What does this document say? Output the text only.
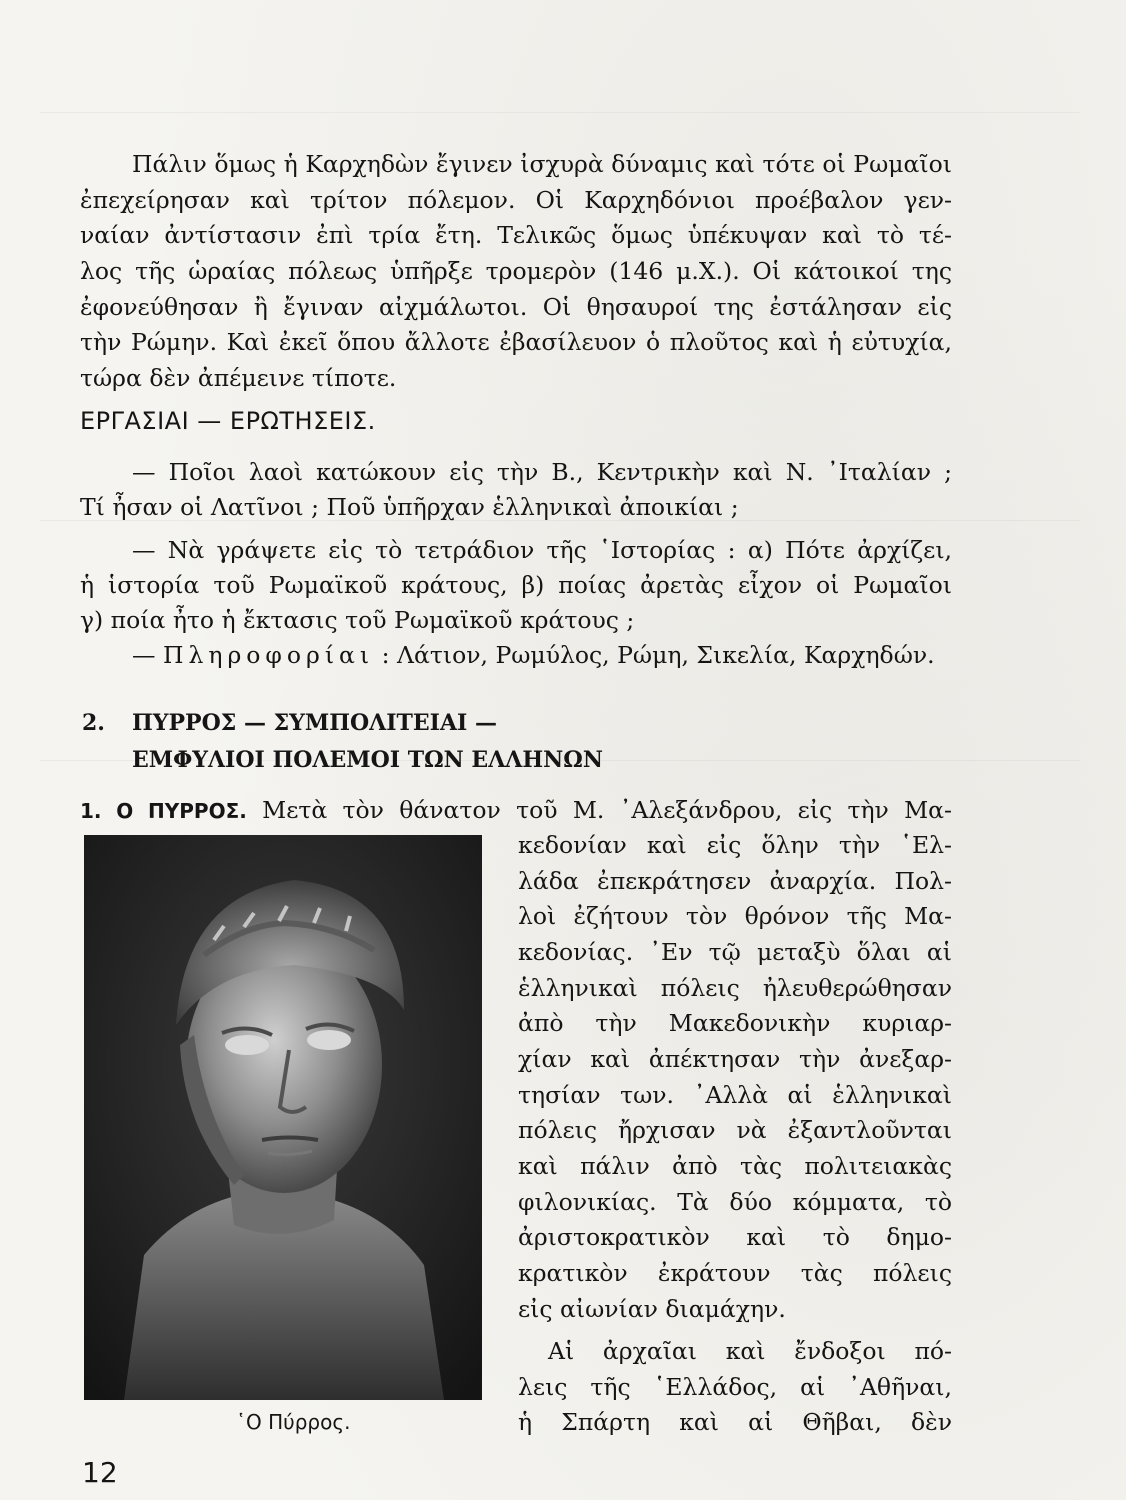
Πάλιν ὅμως ἡ Καρχηδὼν ἔγινεν ἰσχυρὰ δύναμις καὶ τότε οἱ Ρωμαῖοι
ἐπεχείρησαν καὶ τρίτον πόλεμον. Οἱ Καρχηδόνιοι προέβαλον γεν-
ναίαν ἀντίστασιν ἐπὶ τρία ἔτη. Τελικῶς ὅμως ὑπέκυψαν καὶ τὸ τέ-
λος τῆς ὡραίας πόλεως ὑπῆρξε τρομερὸν (146 μ.Χ.). Οἱ κάτοικοί της
ἐφονεύθησαν ἢ ἔγιναν αἰχμάλωτοι. Οἱ θησαυροί της ἐστάλησαν εἰς
τὴν Ρώμην. Καὶ ἐκεῖ ὅπου ἄλλοτε ἐβασίλευον ὁ πλοῦτος καὶ ἡ εὐτυχία,
τώρα δὲν ἀπέμεινε τίποτε.
ΕΡΓΑΣΙΑΙ — ΕΡΩΤΗΣΕΙΣ.
— Ποῖοι λαοὶ κατώκουν εἰς τὴν Β., Κεντρικὴν καὶ Ν. ᾿Ιταλίαν ;
Τί ἦσαν οἱ Λατῖνοι ; Ποῦ ὑπῆρχαν ἑλληνικαὶ ἀποικίαι ;
— Νὰ γράψετε εἰς τὸ τετράδιον τῆς ῾Ιστορίας : α) Πότε ἀρχίζει,
ἡ ἱστορία τοῦ Ρωμαϊκοῦ κράτους, β) ποίας ἀρετὰς εἶχον οἱ Ρωμαῖοι
γ) ποία ἦτο ἡ ἔκτασις τοῦ Ρωμαϊκοῦ κράτους ;
— Πληροφορίαι : Λάτιον, Ρωμύλος, Ρώμη, Σικελία, Καρχηδών.
2. ΠΥΡΡΟΣ — ΣΥΜΠΟΛΙΤΕΙΑΙ —
ΕΜΦΥΛΙΟΙ ΠΟΛΕΜΟΙ ΤΩΝ ΕΛΛΗΝΩΝ
1. Ο ΠΥΡΡΟΣ. Μετὰ τὸν θάνατον τοῦ Μ. ᾿Αλεξάνδρου, εἰς τὴν Μα-
κεδονίαν καὶ εἰς ὅλην τὴν ῾Ελ-
λάδα ἐπεκράτησεν ἀναρχία. Πολ-
λοὶ ἐζήτουν τὸν θρόνον τῆς Μα-
κεδονίας. ᾿Εν τῷ μεταξὺ ὅλαι αἱ
ἑλληνικαὶ πόλεις ἠλευθερώθησαν
ἀπὸ τὴν Μακεδονικὴν κυριαρ-
χίαν καὶ ἀπέκτησαν τὴν ἀνεξαρ-
τησίαν των. ᾿Αλλὰ αἱ ἑλληνικαὶ
πόλεις ἤρχισαν νὰ ἐξαντλοῦνται
καὶ πάλιν ἀπὸ τὰς πολιτειακὰς
φιλονικίας. Τὰ δύο κόμματα, τὸ
ἀριστοκρατικὸν καὶ τὸ δημο-
κρατικὸν ἐκράτουν τὰς πόλεις
εἰς αἰωνίαν διαμάχην.
Αἱ ἀρχαῖαι καὶ ἔνδοξοι πό-
λεις τῆς ῾Ελλάδος, αἱ ᾿Αθῆναι,
ἡ Σπάρτη καὶ αἱ Θῆβαι, δὲν
῾Ο Πύρρος.
12
